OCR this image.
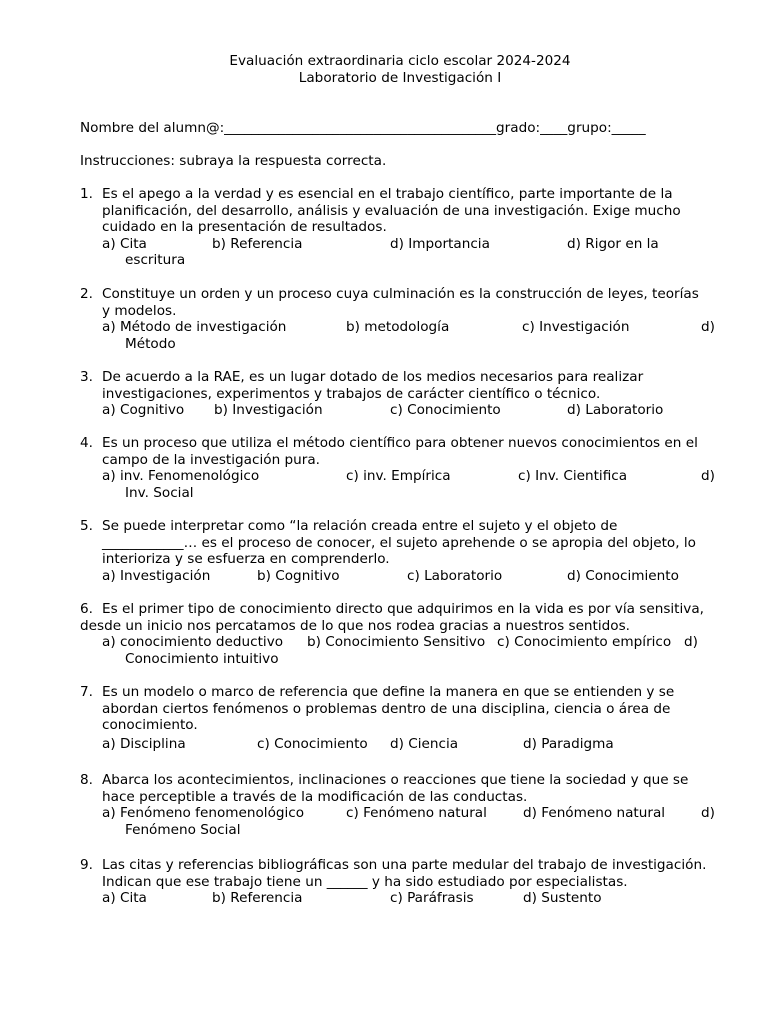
Evaluación extraordinaria ciclo escolar 2024-2024
Laboratorio de Investigación I
Nombre del alumn@:________________________________________grado:____grupo:_____
Instrucciones: subraya la respuesta correcta.
1. Es el apego a la verdad y es esencial en el trabajo científico, parte importante de la
planificación, del desarrollo, análisis y evaluación de una investigación. Exige mucho
cuidado en la presentación de resultados.
a) Cita	b) Referencia	d) Importancia	d) Rigor en la
escritura
2. Constituye un orden y un proceso cuya culminación es la construcción de leyes, teorías
y modelos.
a) Método de investigación	b) metodología	c) Investigación	d)
Método
3. De acuerdo a la RAE, es un lugar dotado de los medios necesarios para realizar
investigaciones, experimentos y trabajos de carácter científico o técnico.
a) Cognitivo b) Investigación	c) Conocimiento	d) Laboratorio
4. Es un proceso que utiliza el método científico para obtener nuevos conocimientos en el
campo de la investigación pura.
a) inv. Fenomenológico	c) inv. Empírica	c) Inv. Cientifica	d)
Inv. Social
5. Se puede interpretar como “la relación creada entre el sujeto y el objeto de
____________… es el proceso de conocer, el sujeto aprehende o se apropia del objeto, lo
interioriza y se esfuerza en comprenderlo.
a) Investigación	b) Cognitivo	c) Laboratorio	d) Conocimiento
6. Es el primer tipo de conocimiento directo que adquirimos en la vida es por vía sensitiva,
desde un inicio nos percatamos de lo que nos rodea gracias a nuestros sentidos.
a) conocimiento deductivo b) Conocimiento Sensitivo c) Conocimiento empírico d)
Conocimiento intuitivo
7. Es un modelo o marco de referencia que define la manera en que se entienden y se
abordan ciertos fenómenos o problemas dentro de una disciplina, ciencia o área de
conocimiento.
a) Disciplina	c) Conocimiento d) Ciencia	d) Paradigma
8. Abarca los acontecimientos, inclinaciones o reacciones que tiene la sociedad y que se
hace perceptible a través de la modificación de las conductas.
a) Fenómeno fenomenológico	c) Fenómeno natural	d) Fenómeno natural	d)
Fenómeno Social
9. Las citas y referencias bibliográficas son una parte medular del trabajo de investigación.
Indican que ese trabajo tiene un ______ y ha sido estudiado por especialistas.
a) Cita	b) Referencia	c) Paráfrasis	d) Sustento
